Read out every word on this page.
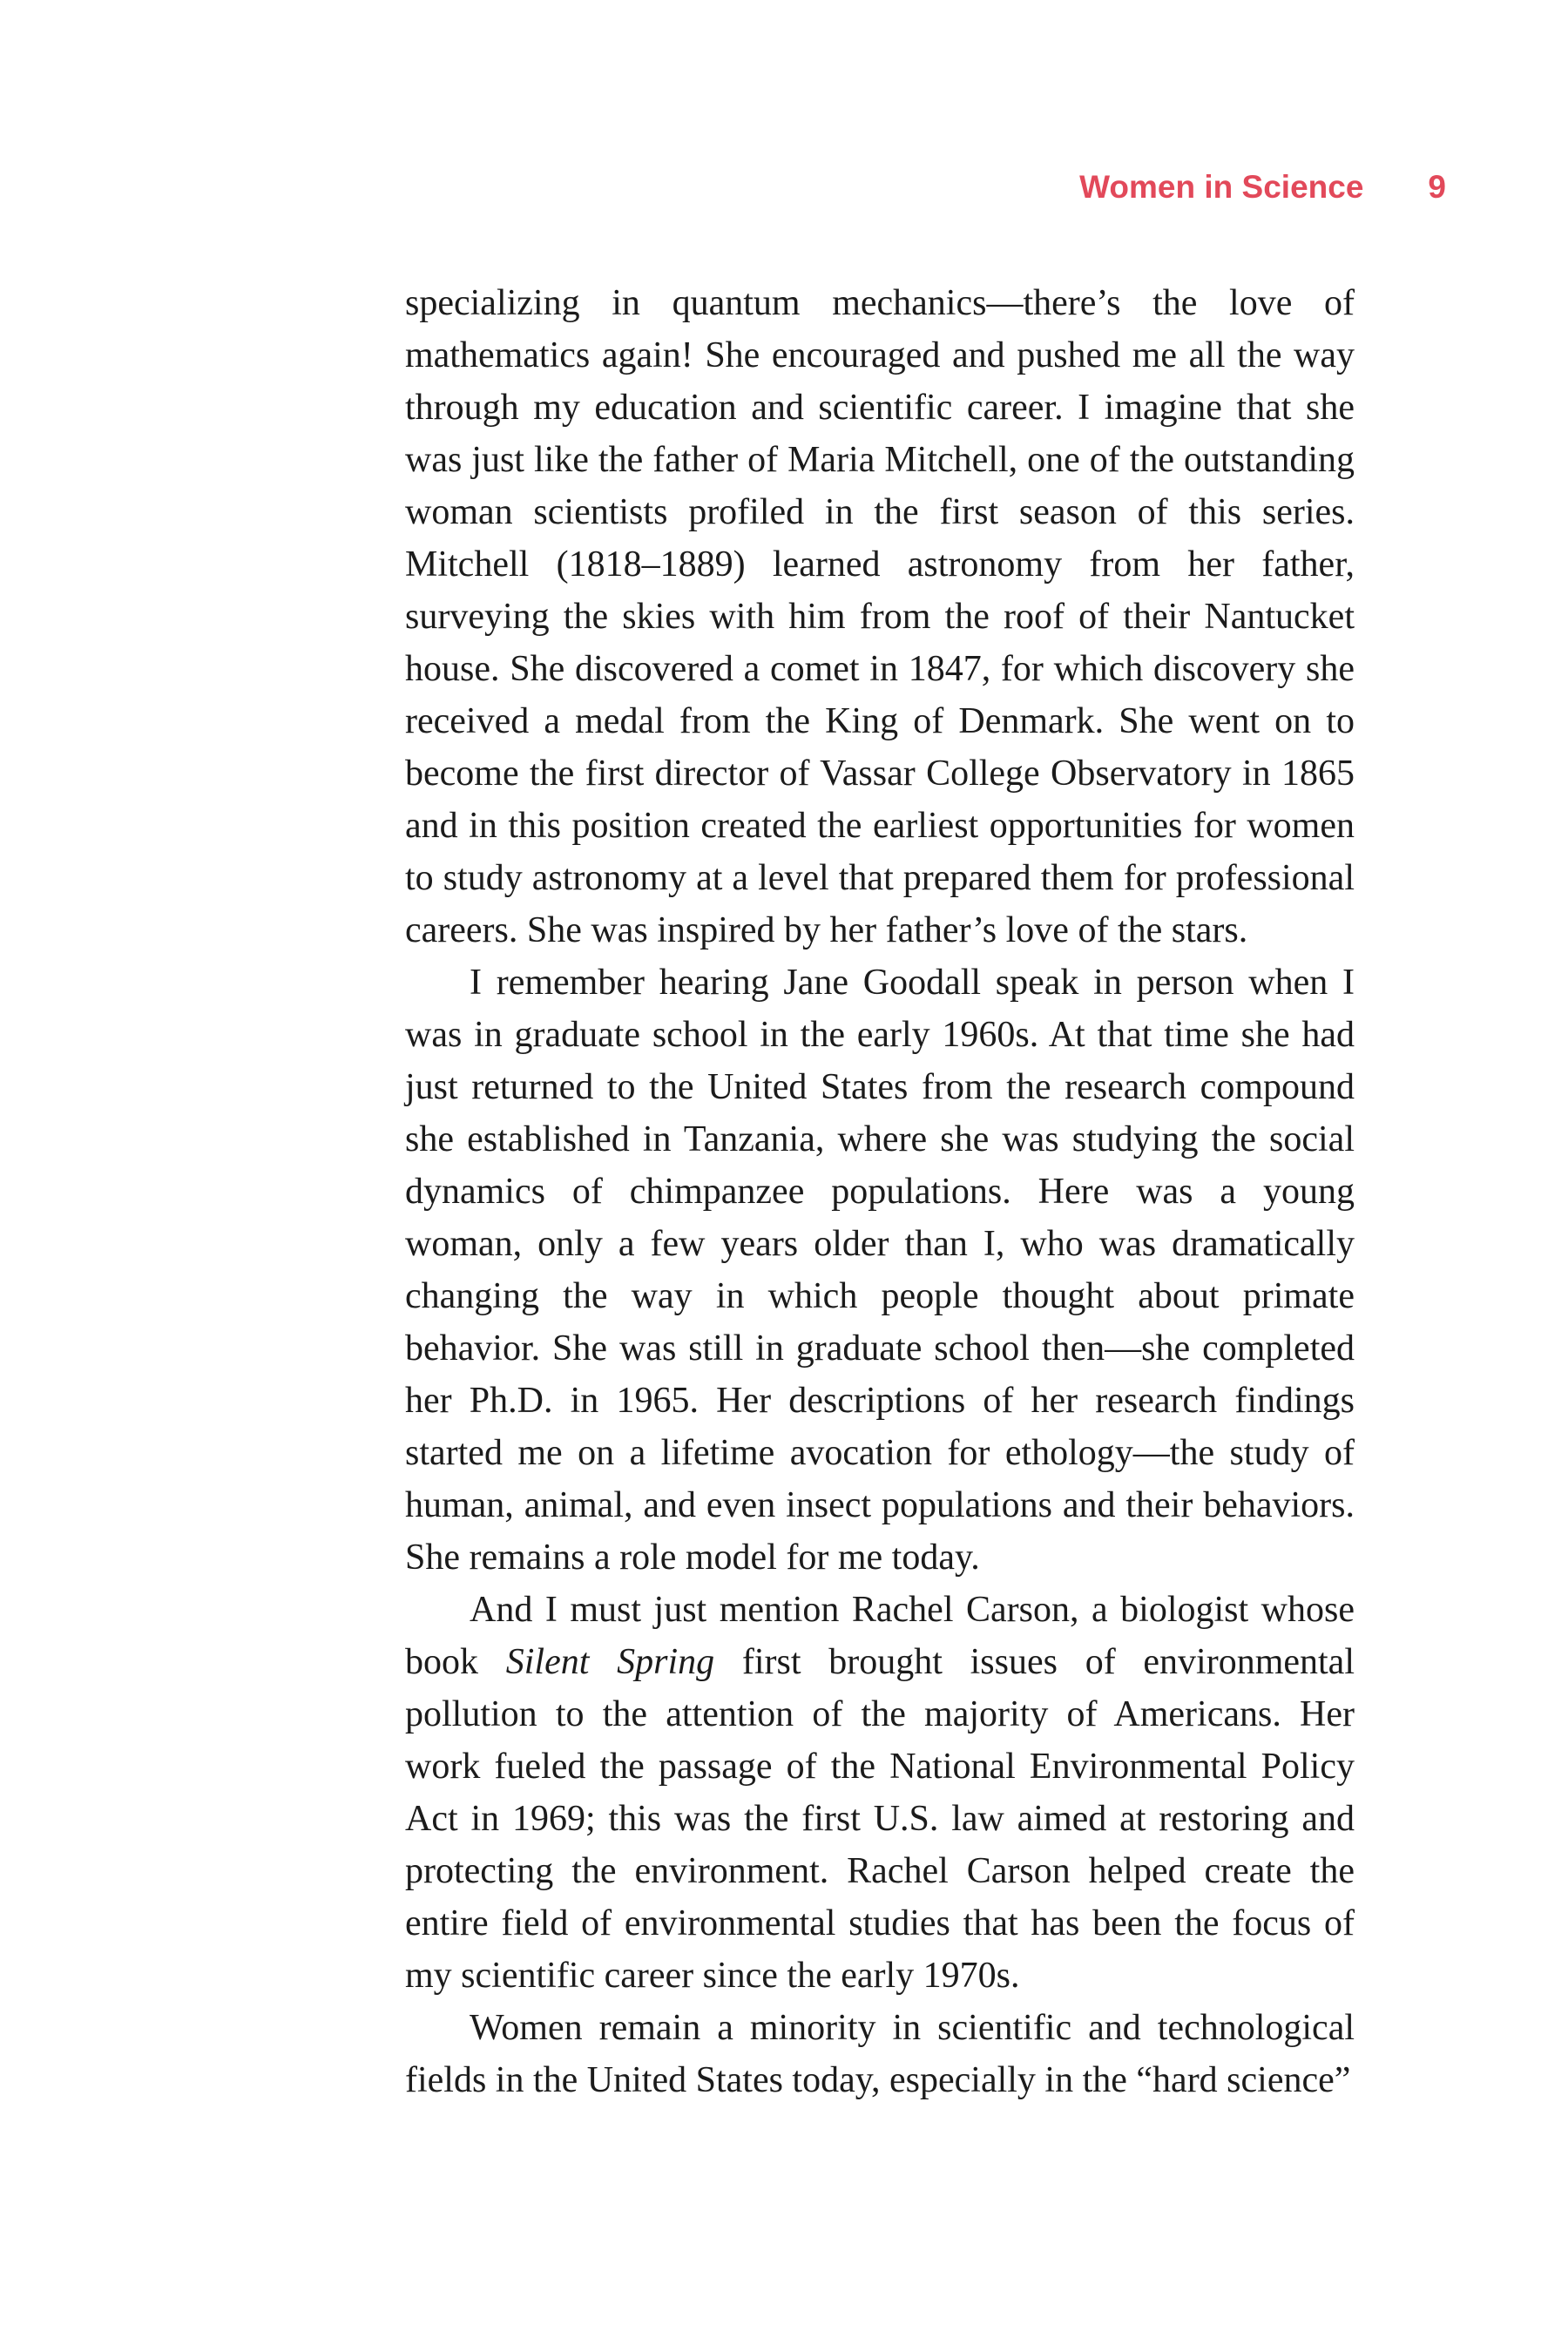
Women in Science 9

specializing in quantum mechanics—there’s the love of mathematics again! She encouraged and pushed me all the way through my education and scientific career. I imagine that she was just like the father of Maria Mitchell, one of the outstanding woman scientists profiled in the first season of this series. Mitchell (1818–1889) learned astronomy from her father, surveying the skies with him from the roof of their Nantucket house. She discovered a comet in 1847, for which discovery she received a medal from the King of Denmark. She went on to become the first director of Vassar College Observatory in 1865 and in this position created the earliest opportunities for women to study astronomy at a level that prepared them for professional careers. She was inspired by her father’s love of the stars.

I remember hearing Jane Goodall speak in person when I was in graduate school in the early 1960s. At that time she had just returned to the United States from the research compound she established in Tanzania, where she was studying the social dynamics of chimpanzee populations. Here was a young woman, only a few years older than I, who was dramatically changing the way in which people thought about primate behavior. She was still in graduate school then—she completed her Ph.D. in 1965. Her descriptions of her research findings started me on a lifetime avocation for ethology—the study of human, animal, and even insect populations and their behaviors. She remains a role model for me today.

And I must just mention Rachel Carson, a biologist whose book Silent Spring first brought issues of environmental pollution to the attention of the majority of Americans. Her work fueled the passage of the National Environmental Policy Act in 1969; this was the first U.S. law aimed at restoring and protecting the environment. Rachel Carson helped create the entire field of environmental studies that has been the focus of my scientific career since the early 1970s.

Women remain a minority in scientific and technological fields in the United States today, especially in the “hard science”
